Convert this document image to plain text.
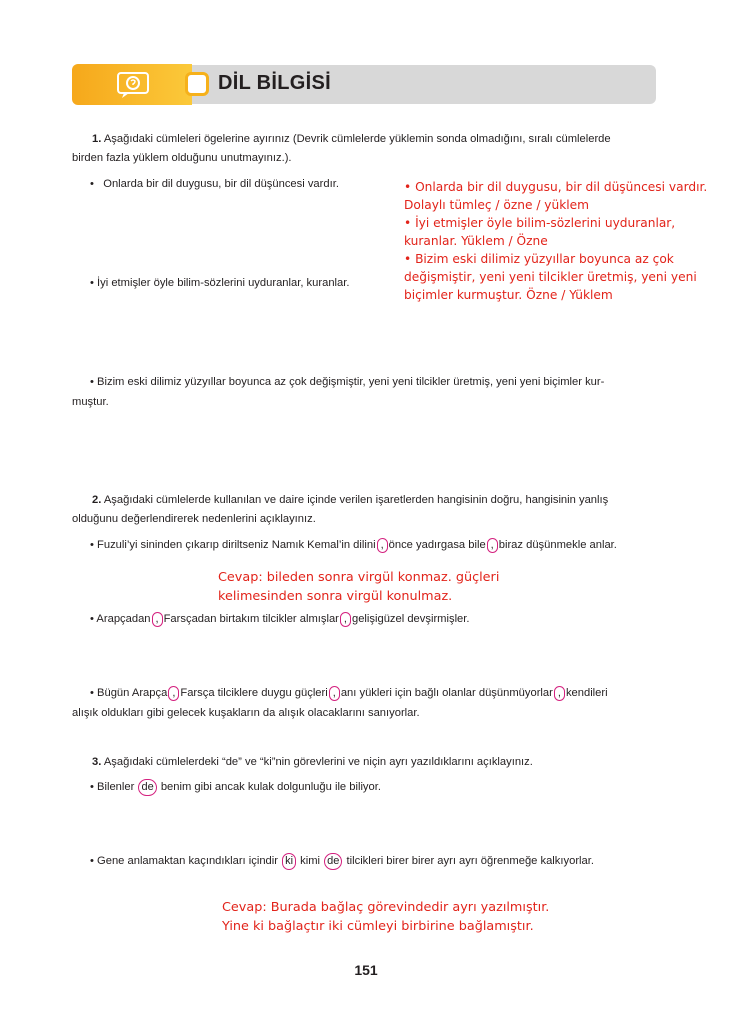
DİL BİLGİSİ
1. Aşağıdaki cümleleri ögelerine ayırınız (Devrik cümlelerde yüklemin sonda olmadığını, sıralı cümlelerde
birden fazla yüklem olduğunu unutmayınız.).
• Onlarda bir dil duygusu, bir dil düşüncesi vardır.
• İyi etmişler öyle bilim-sözlerini uyduranlar, kuranlar.
• Bizim eski dilimiz yüzyıllar boyunca az çok değişmiştir, yeni yeni tilcikler üretmiş, yeni yeni biçimler kur-
muştur.
• Onlarda bir dil duygusu, bir dil düşüncesi vardır.
Dolaylı tümleç / özne / yüklem
• İyi etmişler öyle bilim-sözlerini uyduranlar,
kuranlar. Yüklem / Özne
• Bizim eski dilimiz yüzyıllar boyunca az çok
değişmiştir, yeni yeni tilcikler üretmiş, yeni yeni
biçimler kurmuştur. Özne / Yüklem
2. Aşağıdaki cümlelerde kullanılan ve daire içinde verilen işaretlerden hangisinin doğru, hangisinin yanlış
olduğunu değerlendirerek nedenlerini açıklayınız.
• Fuzuli’yi sininden çıkarıp diriltseniz Namık Kemal’in dilini , önce yadırgasa bile , biraz düşünmekle anlar.
Cevap: bileden sonra virgül konmaz. güçleri
kelimesinden sonra virgül konulmaz.
• Arapçadan , Farsçadan birtakım tilcikler almışlar , gelişigüzel devşirmişler.
• Bügün Arapça , Farsça tilciklere duygu güçleri , anı yükleri için bağlı olanlar düşünmüyorlar , kendileri
alışık oldukları gibi gelecek kuşakların da alışık olacaklarını sanıyorlar.
3. Aşağıdaki cümlelerdeki “de” ve “ki”nin görevlerini ve niçin ayrı yazıldıklarını açıklayınız.
• Bilenler de benim gibi ancak kulak dolgunluğu ile biliyor.
• Gene anlamaktan kaçındıkları içindir ki kimi de tilcikleri birer birer ayrı ayrı öğrenmeğe kalkıyorlar.
Cevap: Burada bağlaç görevindedir ayrı yazılmıştır.
Yine ki bağlaçtır iki cümleyi birbirine bağlamıştır.
151
